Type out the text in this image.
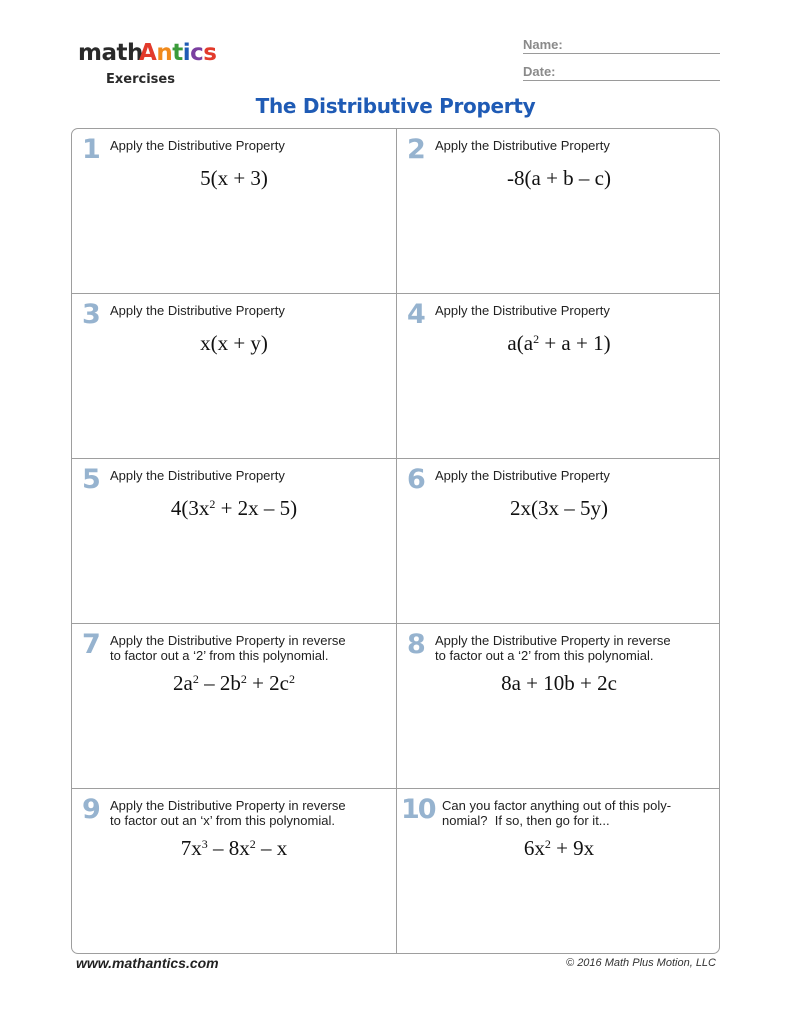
math
Antics
Exercises
Name:
Date:
The Distributive Property
1 Apply the Distributive Property
5(x + 3)
2 Apply the Distributive Property
-8(a + b – c)
3 Apply the Distributive Property
x(x + y)
4 Apply the Distributive Property
$a(a^2 + a + 1)$
5 Apply the Distributive Property
$4(3x^2 + 2x - 5)$
6 Apply the Distributive Property
2x(3x – 5y)
7 Apply the Distributive Property in reverse
to factor out a ‘2’ from this polynomial.
$2a^2 - 2b^2 + 2c^2$
8 Apply the Distributive Property in reverse
to factor out a ‘2’ from this polynomial.
8a + 10b + 2c
9 Apply the Distributive Property in reverse
to factor out an ‘x’ from this polynomial.
$7x^3 - 8x^2$ – x
10 Can you factor anything out of this poly-
nomial?  If so, then go for it...
$6x^2 + 9x$
www.mathantics.com	© 2016 Math Plus Motion, LLC
